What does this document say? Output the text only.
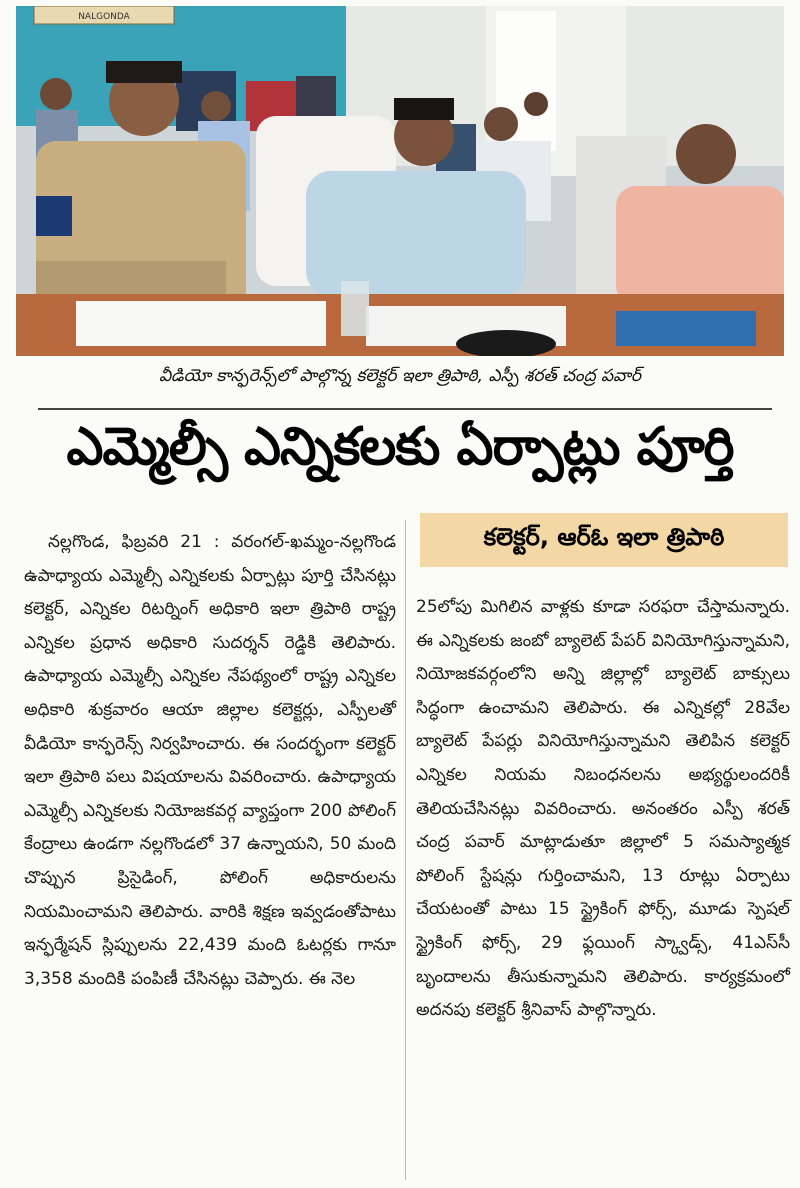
NALGONDA
వీడియో కాన్ఫరెన్స్‌లో పాల్గొన్న కలెక్టర్ ఇలా త్రిపాఠి, ఎస్పీ శరత్ చంద్ర పవార్
ఎమ్మెల్సీ ఎన్నికలకు ఏర్పాట్లు పూర్తి
కలెక్టర్, ఆర్ఓ ఇలా త్రిపాఠి

నల్లగొండ, ఫిబ్రవరి 21 : వరంగల్-ఖమ్మం-నల్లగొండ ఉపాధ్యాయ ఎమ్మెల్సీ ఎన్నికలకు ఏర్పాట్లు పూర్తి చేసినట్లు కలెక్టర్, ఎన్నికల రిటర్నింగ్ అధికారి ఇలా త్రిపాఠి రాష్ట్ర ఎన్నికల ప్రధాన అధికారి సుదర్శన్ రెడ్డికి తెలిపారు. ఉపాధ్యాయ ఎమ్మెల్సీ ఎన్నికల నేపథ్యంలో రాష్ట్ర ఎన్నికల అధికారి శుక్రవారం ఆయా జిల్లాల కలెక్టర్లు, ఎస్పీలతో వీడియో కాన్ఫరెన్స్ నిర్వహించారు. ఈ సందర్భంగా కలెక్టర్ ఇలా త్రిపాఠి పలు విషయాలను వివరించారు. ఉపాధ్యాయ ఎమ్మెల్సీ ఎన్నికలకు నియోజకవర్గ వ్యాప్తంగా 200 పోలింగ్ కేంద్రాలు ఉండగా నల్లగొండలో 37 ఉన్నాయని, 50 మంది చొప్పున ప్రిసైడింగ్, పోలింగ్ అధికారులను నియమించామని తెలిపారు. వారికి శిక్షణ ఇవ్వడంతోపాటు ఇన్ఫర్మేషన్ స్లిప్పులను 22,439 మంది ఓటర్లకు గానూ 3,358 మందికి పంపిణీ చేసినట్లు చెప్పారు. ఈ నెల

25లోపు మిగిలిన వాళ్లకు కూడా సరఫరా చేస్తామన్నారు. ఈ ఎన్నికలకు జంబో బ్యాలెట్ పేపర్ వినియోగిస్తున్నామని, నియోజకవర్గంలోని అన్ని జిల్లాల్లో బ్యాలెట్ బాక్సులు సిద్ధంగా ఉంచామని తెలిపారు. ఈ ఎన్నికల్లో 28వేల బ్యాలెట్ పేపర్లు వినియోగిస్తున్నామని తెలిపిన కలెక్టర్ ఎన్నికల నియమ నిబంధనలను అభ్యర్థులందరికీ తెలియచేసినట్లు వివరించారు. అనంతరం ఎస్పీ శరత్ చంద్ర పవార్ మాట్లాడుతూ జిల్లాలో 5 సమస్యాత్మక పోలింగ్ స్టేషన్లు గుర్తించామని, 13 రూట్లు ఏర్పాటు చేయటంతో పాటు 15 స్ట్రైకింగ్ ఫోర్స్, మూడు స్పెషల్ స్ట్రైకింగ్ ఫోర్స్, 29 ఫ్లయింగ్ స్క్వాడ్స్, 41ఎస్‌సీ బృందాలను తీసుకున్నామని తెలిపారు. కార్యక్రమంలో అదనపు కలెక్టర్ శ్రీనివాస్ పాల్గొన్నారు.
